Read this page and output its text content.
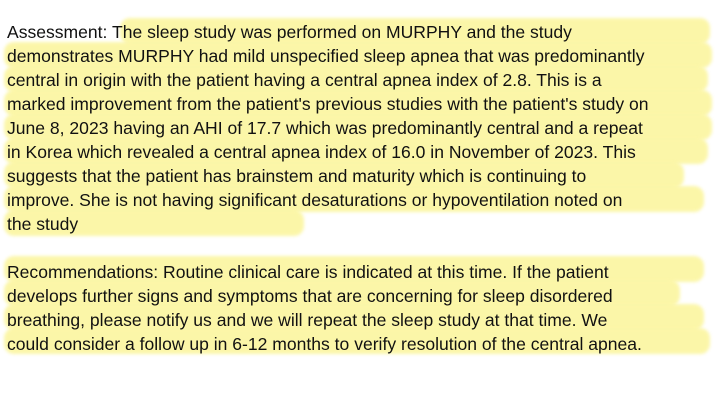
Assessment: The sleep study was performed on MURPHY and the study
demonstrates MURPHY had mild unspecified sleep apnea that was predominantly
central in origin with the patient having a central apnea index of 2.8. This is a
marked improvement from the patient's previous studies with the patient's study on
June 8, 2023 having an AHI of 17.7 which was predominantly central and a repeat
in Korea which revealed a central apnea index of 16.0 in November of 2023. This
suggests that the patient has brainstem and maturity which is continuing to
improve. She is not having significant desaturations or hypoventilation noted on
the study
Recommendations: Routine clinical care is indicated at this time. If the patient
develops further signs and symptoms that are concerning for sleep disordered
breathing, please notify us and we will repeat the sleep study at that time. We
could consider a follow up in 6-12 months to verify resolution of the central apnea.
